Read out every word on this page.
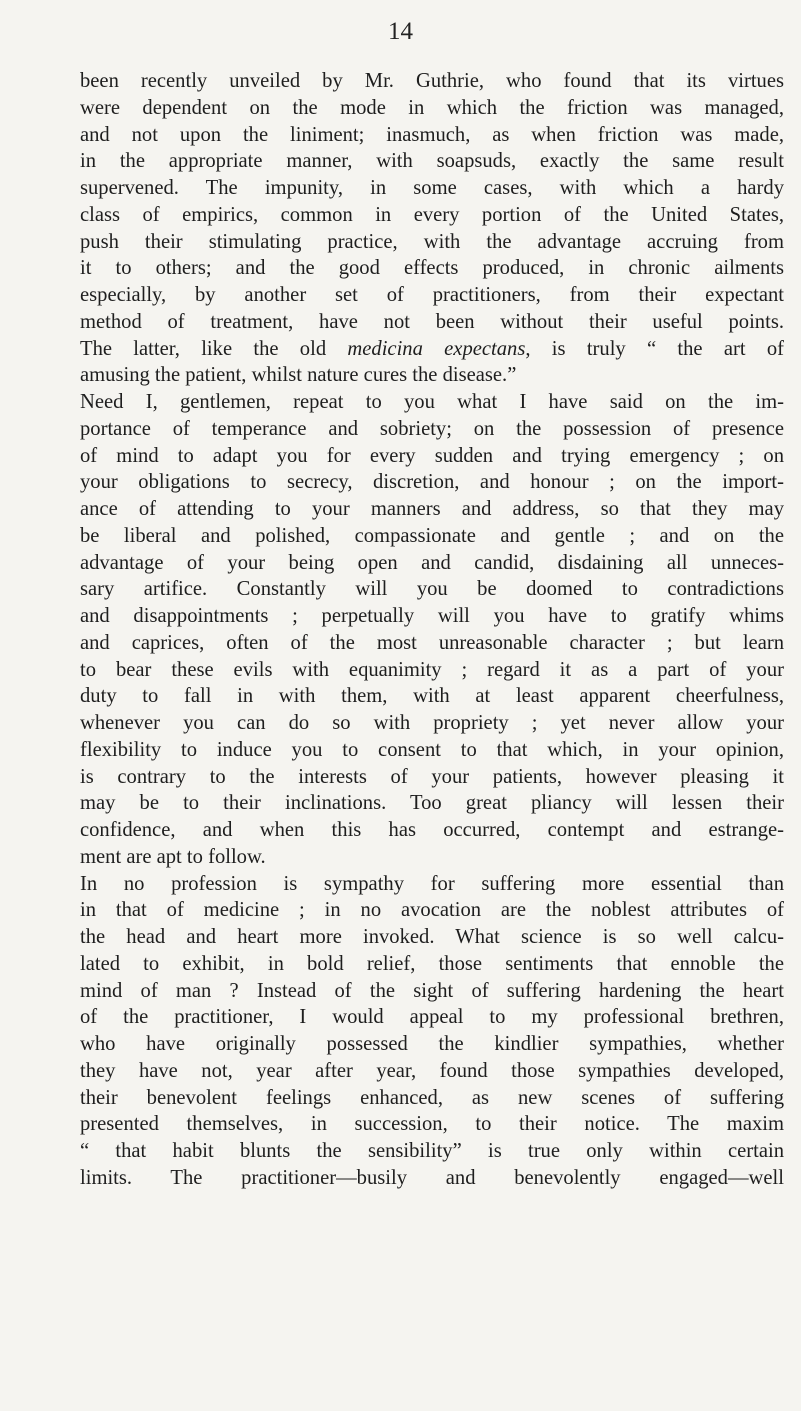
14
been recently unveiled by Mr. Guthrie, who found that its virtues
were dependent on the mode in which the friction was managed,
and not upon the liniment; inasmuch, as when friction was made,
in the appropriate manner, with soapsuds, exactly the same result
supervened. The impunity, in some cases, with which a hardy
class of empirics, common in every portion of the United States,
push their stimulating practice, with the advantage accruing from
it to others; and the good effects produced, in chronic ailments
especially, by another set of practitioners, from their expectant
method of treatment, have not been without their useful points.
The latter, like the old medicina expectans, is truly “ the art of
amusing the patient, whilst nature cures the disease.”
Need I, gentlemen, repeat to you what I have said on the im-
portance of temperance and sobriety; on the possession of presence
of mind to adapt you for every sudden and trying emergency ; on
your obligations to secrecy, discretion, and honour ; on the import-
ance of attending to your manners and address, so that they may
be liberal and polished, compassionate and gentle ; and on the
advantage of your being open and candid, disdaining all unneces-
sary artifice. Constantly will you be doomed to contradictions
and disappointments ; perpetually will you have to gratify whims
and caprices, often of the most unreasonable character ; but learn
to bear these evils with equanimity ; regard it as a part of your
duty to fall in with them, with at least apparent cheerfulness,
whenever you can do so with propriety ; yet never allow your
flexibility to induce you to consent to that which, in your opinion,
is contrary to the interests of your patients, however pleasing it
may be to their inclinations. Too great pliancy will lessen their
confidence, and when this has occurred, contempt and estrange-
ment are apt to follow.
In no profession is sympathy for suffering more essential than
in that of medicine ; in no avocation are the noblest attributes of
the head and heart more invoked. What science is so well calcu-
lated to exhibit, in bold relief, those sentiments that ennoble the
mind of man ? Instead of the sight of suffering hardening the heart
of the practitioner, I would appeal to my professional brethren,
who have originally possessed the kindlier sympathies, whether
they have not, year after year, found those sympathies developed,
their benevolent feelings enhanced, as new scenes of suffering
presented themselves, in succession, to their notice. The maxim
“ that habit blunts the sensibility” is true only within certain
limits. The practitioner—busily and benevolently engaged—well
